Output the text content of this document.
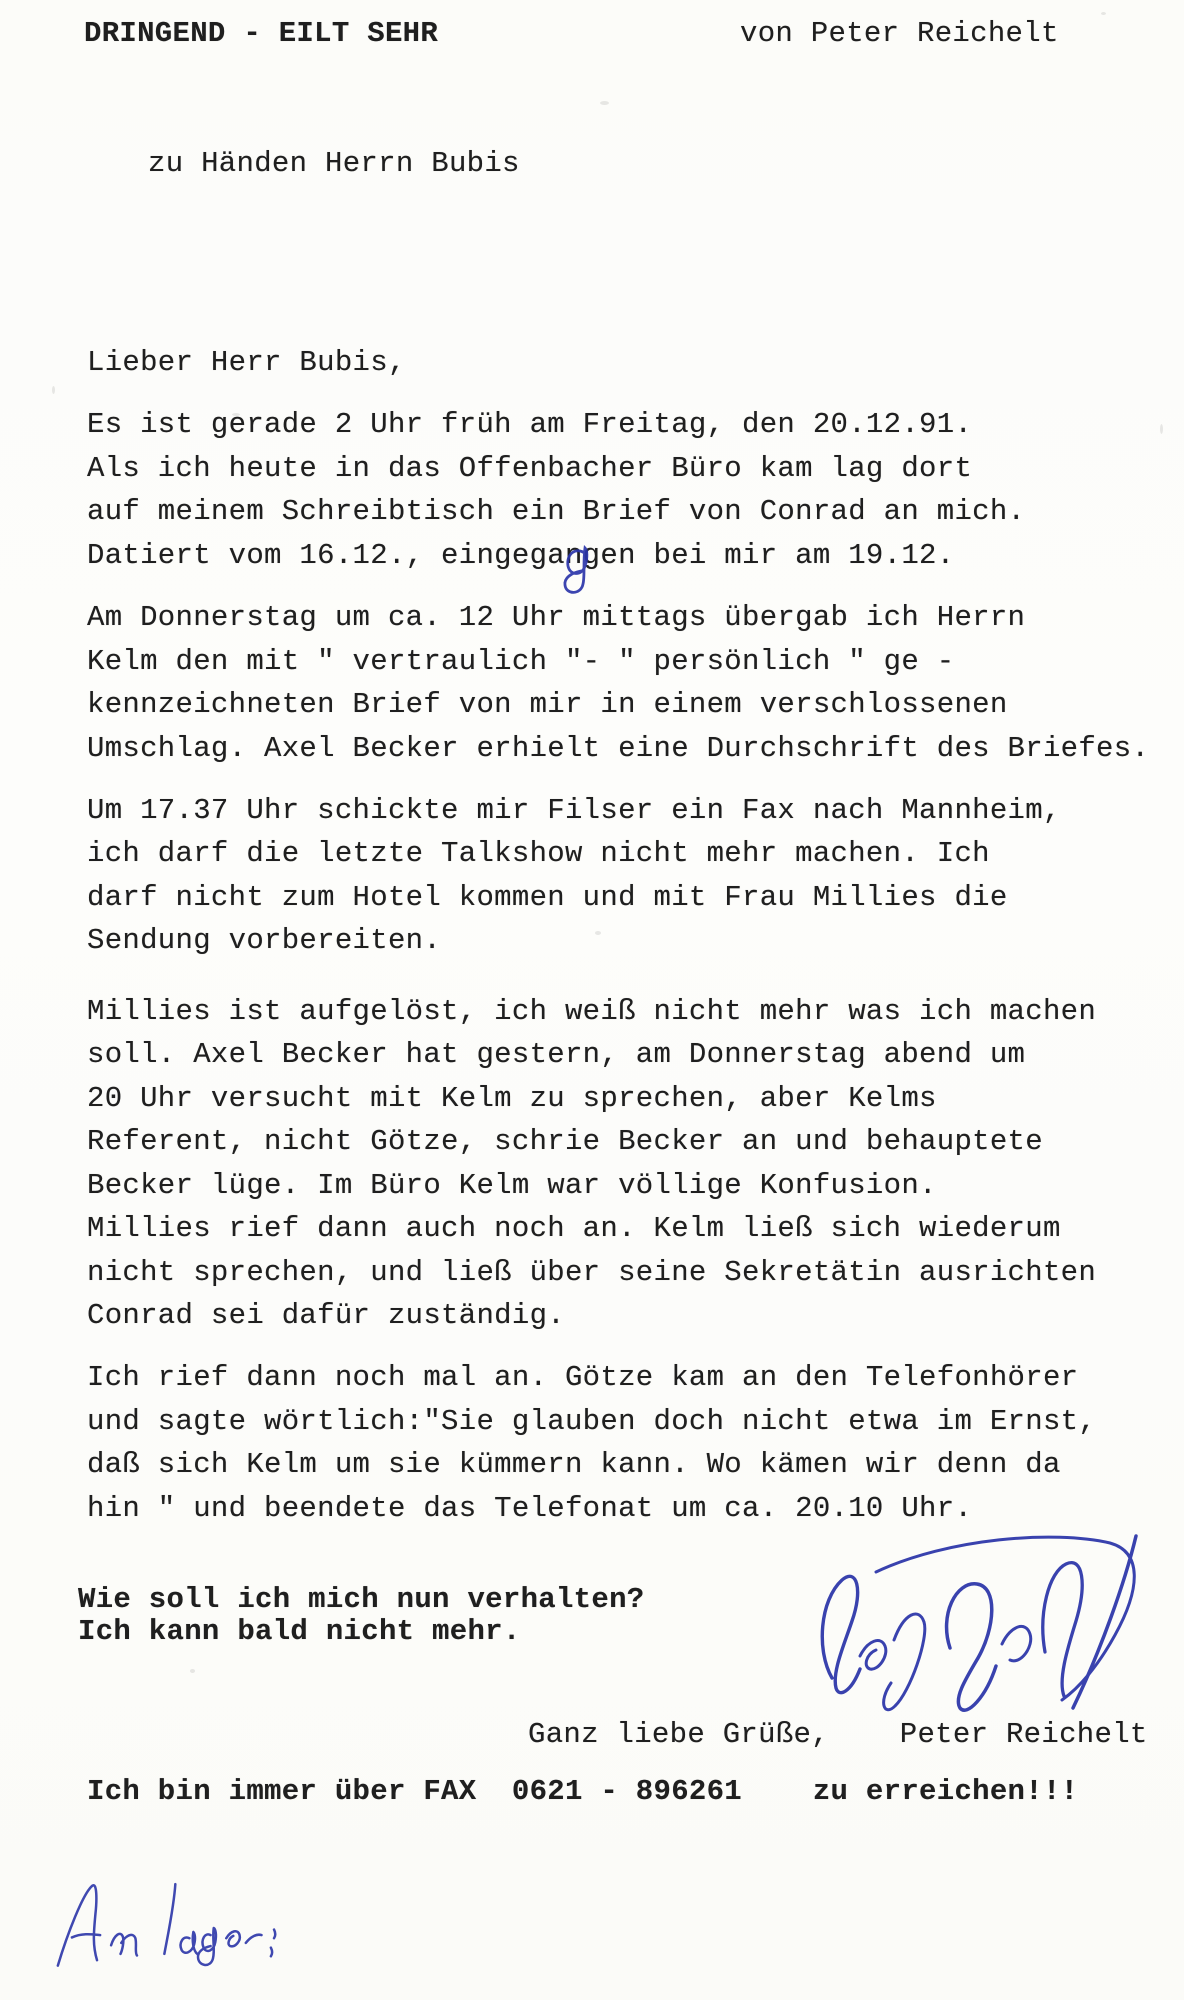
DRINGEND - EILT SEHR	von Peter Reichelt
zu Händen Herrn Bubis
Lieber Herr Bubis,
Es ist gerade 2 Uhr früh am Freitag, den 20.12.91.
Als ich heute in das Offenbacher Büro kam lag dort
auf meinem Schreibtisch ein Brief von Conrad an mich.
Datiert vom 16.12., eingegangen bei mir am 19.12.
Am Donnerstag um ca. 12 Uhr mittags übergab ich Herrn
Kelm den mit " vertraulich "- " persönlich " ge -
kennzeichneten Brief von mir in einem verschlossenen
Umschlag. Axel Becker erhielt eine Durchschrift des Briefes.
Um 17.37 Uhr schickte mir Filser ein Fax nach Mannheim,
ich darf die letzte Talkshow nicht mehr machen. Ich
darf nicht zum Hotel kommen und mit Frau Millies die
Sendung vorbereiten.
Millies ist aufgelöst, ich weiß nicht mehr was ich machen
soll. Axel Becker hat gestern, am Donnerstag abend um
20 Uhr versucht mit Kelm zu sprechen, aber Kelms
Referent, nicht Götze, schrie Becker an und behauptete
Becker lüge. Im Büro Kelm war völlige Konfusion.
Millies rief dann auch noch an. Kelm ließ sich wiederum
nicht sprechen, und ließ über seine Sekretätin ausrichten
Conrad sei dafür zuständig.
Ich rief dann noch mal an. Götze kam an den Telefonhörer
und sagte wörtlich:"Sie glauben doch nicht etwa im Ernst,
daß sich Kelm um sie kümmern kann. Wo kämen wir denn da
hin " und beendete das Telefonat um ca. 20.10 Uhr.
Wie soll ich mich nun verhalten?
Ich kann bald nicht mehr.
Ganz liebe Grüße,    Peter Reichelt
Ich bin immer über FAX  0621 - 896261    zu erreichen!!!
